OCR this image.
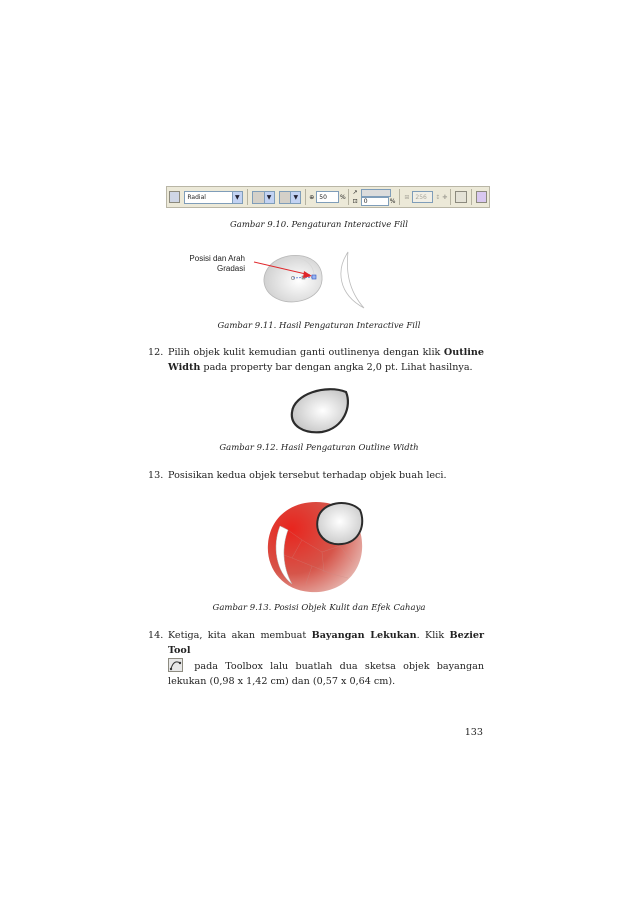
Radial	▼	▼	▼	⊕ 50 %
↗
⊡ 0	%
⊞ 256 ↕ ✚
Gambar 9.10. Pengaturan Interactive Fill
Posisi dan Arah Gradasi
Gambar 9.11. Hasil Pengaturan Interactive Fill
12. Pilih objek kulit kemudian ganti outlinenya dengan klik Outline Width pada property bar dengan angka 2,0 pt. Lihat hasilnya.
Gambar 9.12. Hasil Pengaturan Outline Width
13. Posisikan kedua objek tersebut terhadap objek buah leci.
Gambar 9.13. Posisi Objek Kulit dan Efek Cahaya
14. Ketiga, kita akan membuat Bayangan Lekukan. Klik Bezier Tool
pada Toolbox lalu buatlah dua sketsa objek bayangan lekukan (0,98 x 1,42 cm) dan (0,57 x 0,64 cm).
133
